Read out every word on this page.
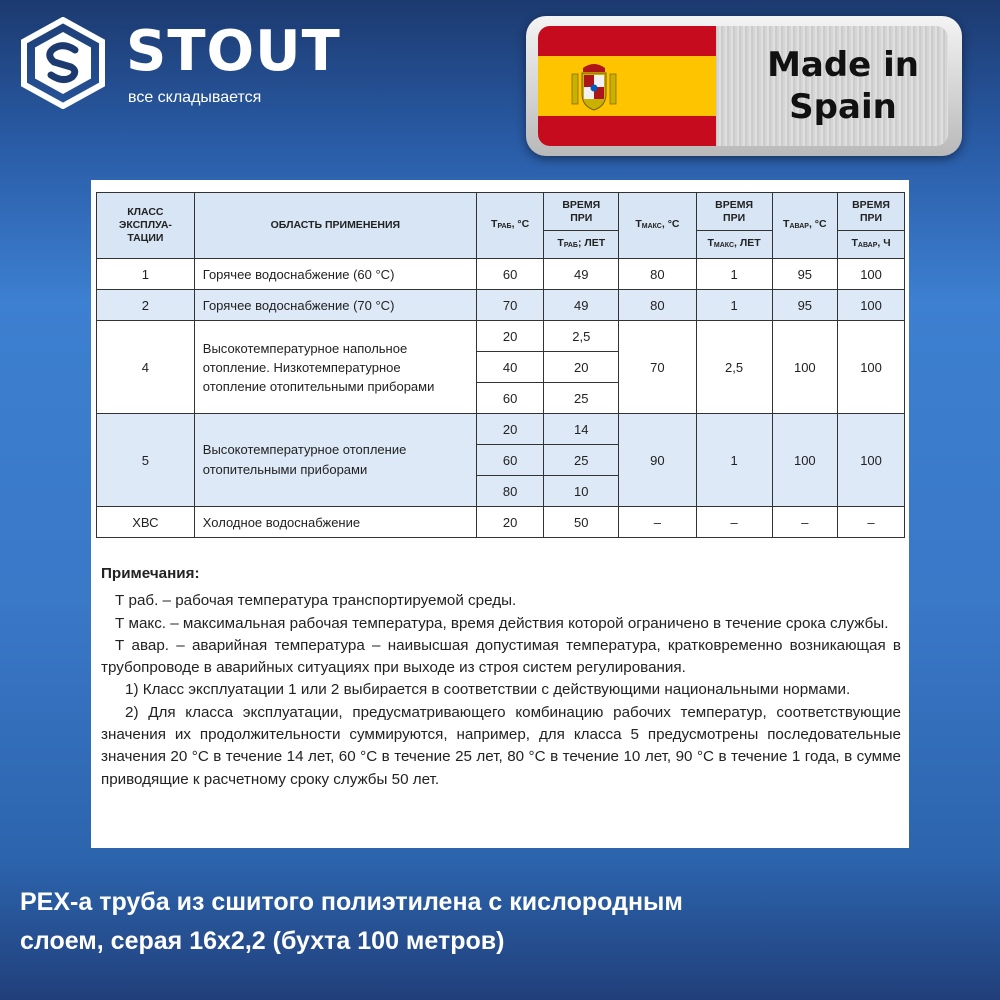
STOUT
все складывается
Made in
Spain
КЛАСС ЭКСПЛУА-ТАЦИИ	ОБЛАСТЬ ПРИМЕНЕНИЯ	TРАБ, °C	ВРЕМЯ ПРИ	TМАКС, °C	ВРЕМЯ ПРИ	TАВАР, °C	ВРЕМЯ ПРИ
			TРАБ; ЛЕТ		TМАКС, ЛЕТ		TАВАР, Ч
1	Горячее водоснабжение (60 °C)	60	49	80	1	95	100
2	Горячее водоснабжение (70 °C)	70	49	80	1	95	100
4	Высокотемпературное напольное
отопление. Низкотемпературное
отопление отопительными приборами	20	2,5	70	2,5	100	100
		40	20				
		60	25				
5	Высокотемпературное отопление
отопительными приборами	20	14	90	1	100	100
		60	25				
		80	10				
ХВС	Холодное водоснабжение	20	50	–	–	–	–
Примечания:

Т раб. – рабочая температура транспортируемой среды.

Т макс. – максимальная рабочая температура, время действия которой ограничено в течение срока службы.

Т авар. – аварийная температура – наивысшая допустимая температура, кратковременно возникающая в трубопроводе в аварийных ситуациях при выходе из строя систем регулирования.

1) Класс эксплуатации 1 или 2 выбирается в соответствии с действующими национальными нормами.

2) Для класса эксплуатации, предусматривающего комбинацию рабочих температур, соответствующие значения их продолжительности суммируются, например, для класса 5 предусмотрены последовательные значения 20 °C в течение 14 лет, 60 °C в течение 25 лет, 80 °C в течение 10 лет, 90 °C в течение 1 года, в сумме приводящие к расчетному сроку службы 50 лет.

PEX-a труба из сшитого полиэтилена с кислородным
слоем, серая 16x2,2 (бухта 100 метров)
